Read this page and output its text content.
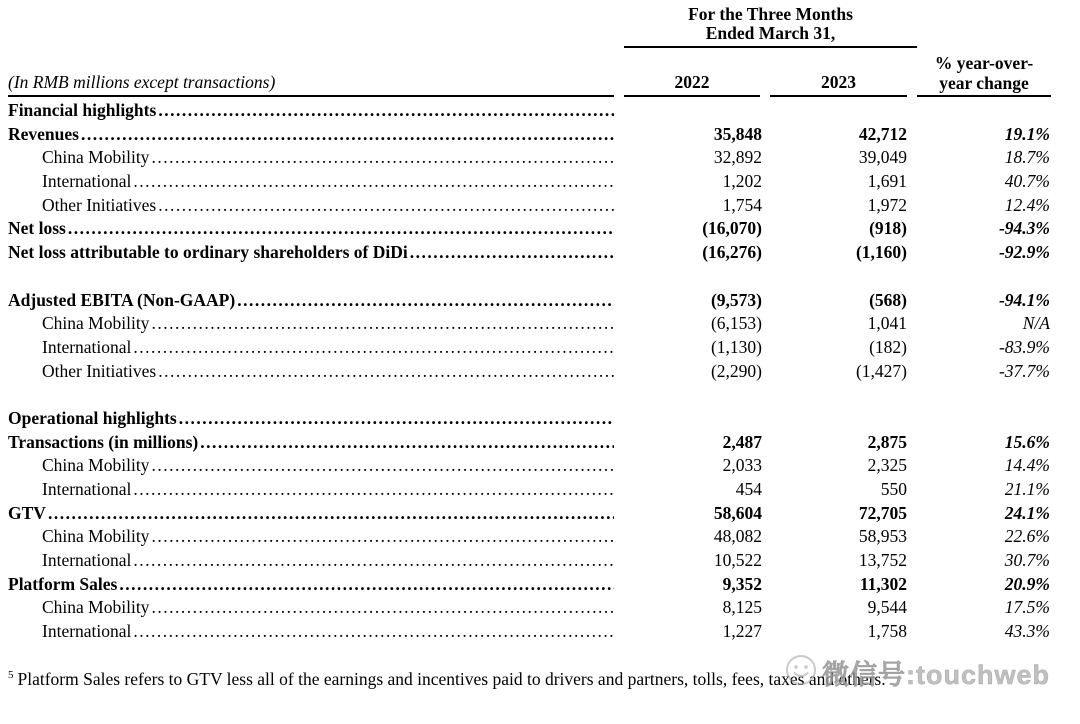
For the Three Months
Ended March 31,
(In RMB millions except transactions)	2022	2023
% year-over-
year change
Financial highlights
.....
Revenues .....	35,848	42,712	19.1%
China Mobility .....	32,892	39,049	18.7%
International .....	1,202	1,691	40.7%
Other Initiatives .....	1,754	1,972	12.4%
Net loss .....	(16,070)	(918)	-94.3%
Net loss attributable to ordinary shareholders of DiDi .....	(16,276)	(1,160)	-92.9%
Adjusted EBITA (Non-GAAP) .....	(9,573)	(568)	-94.1%
China Mobility .....	(6,153)	1,041	N/A
International .....	(1,130)	(182)	-83.9%
Other Initiatives .....	(2,290)	(1,427)	-37.7%
Operational highlights
.....
Transactions (in millions) .....	2,487	2,875	15.6%
China Mobility .....	2,033	2,325	14.4%
International .....	454	550	21.1%
GTV .....	58,604	72,705	24.1%
China Mobility .....	48,082	58,953	22.6%
International .....	10,522	13,752	30.7%
Platform Sales .....	9,352	11,302	20.9%
China Mobility .....	8,125	9,544	17.5%
International .....	1,227	1,758	43.3%
$^5$ Platform Sales refers to GTV less all of the earnings and incentives paid to drivers and partners, tolls, fees, taxes and others.
微信号:touchweb
